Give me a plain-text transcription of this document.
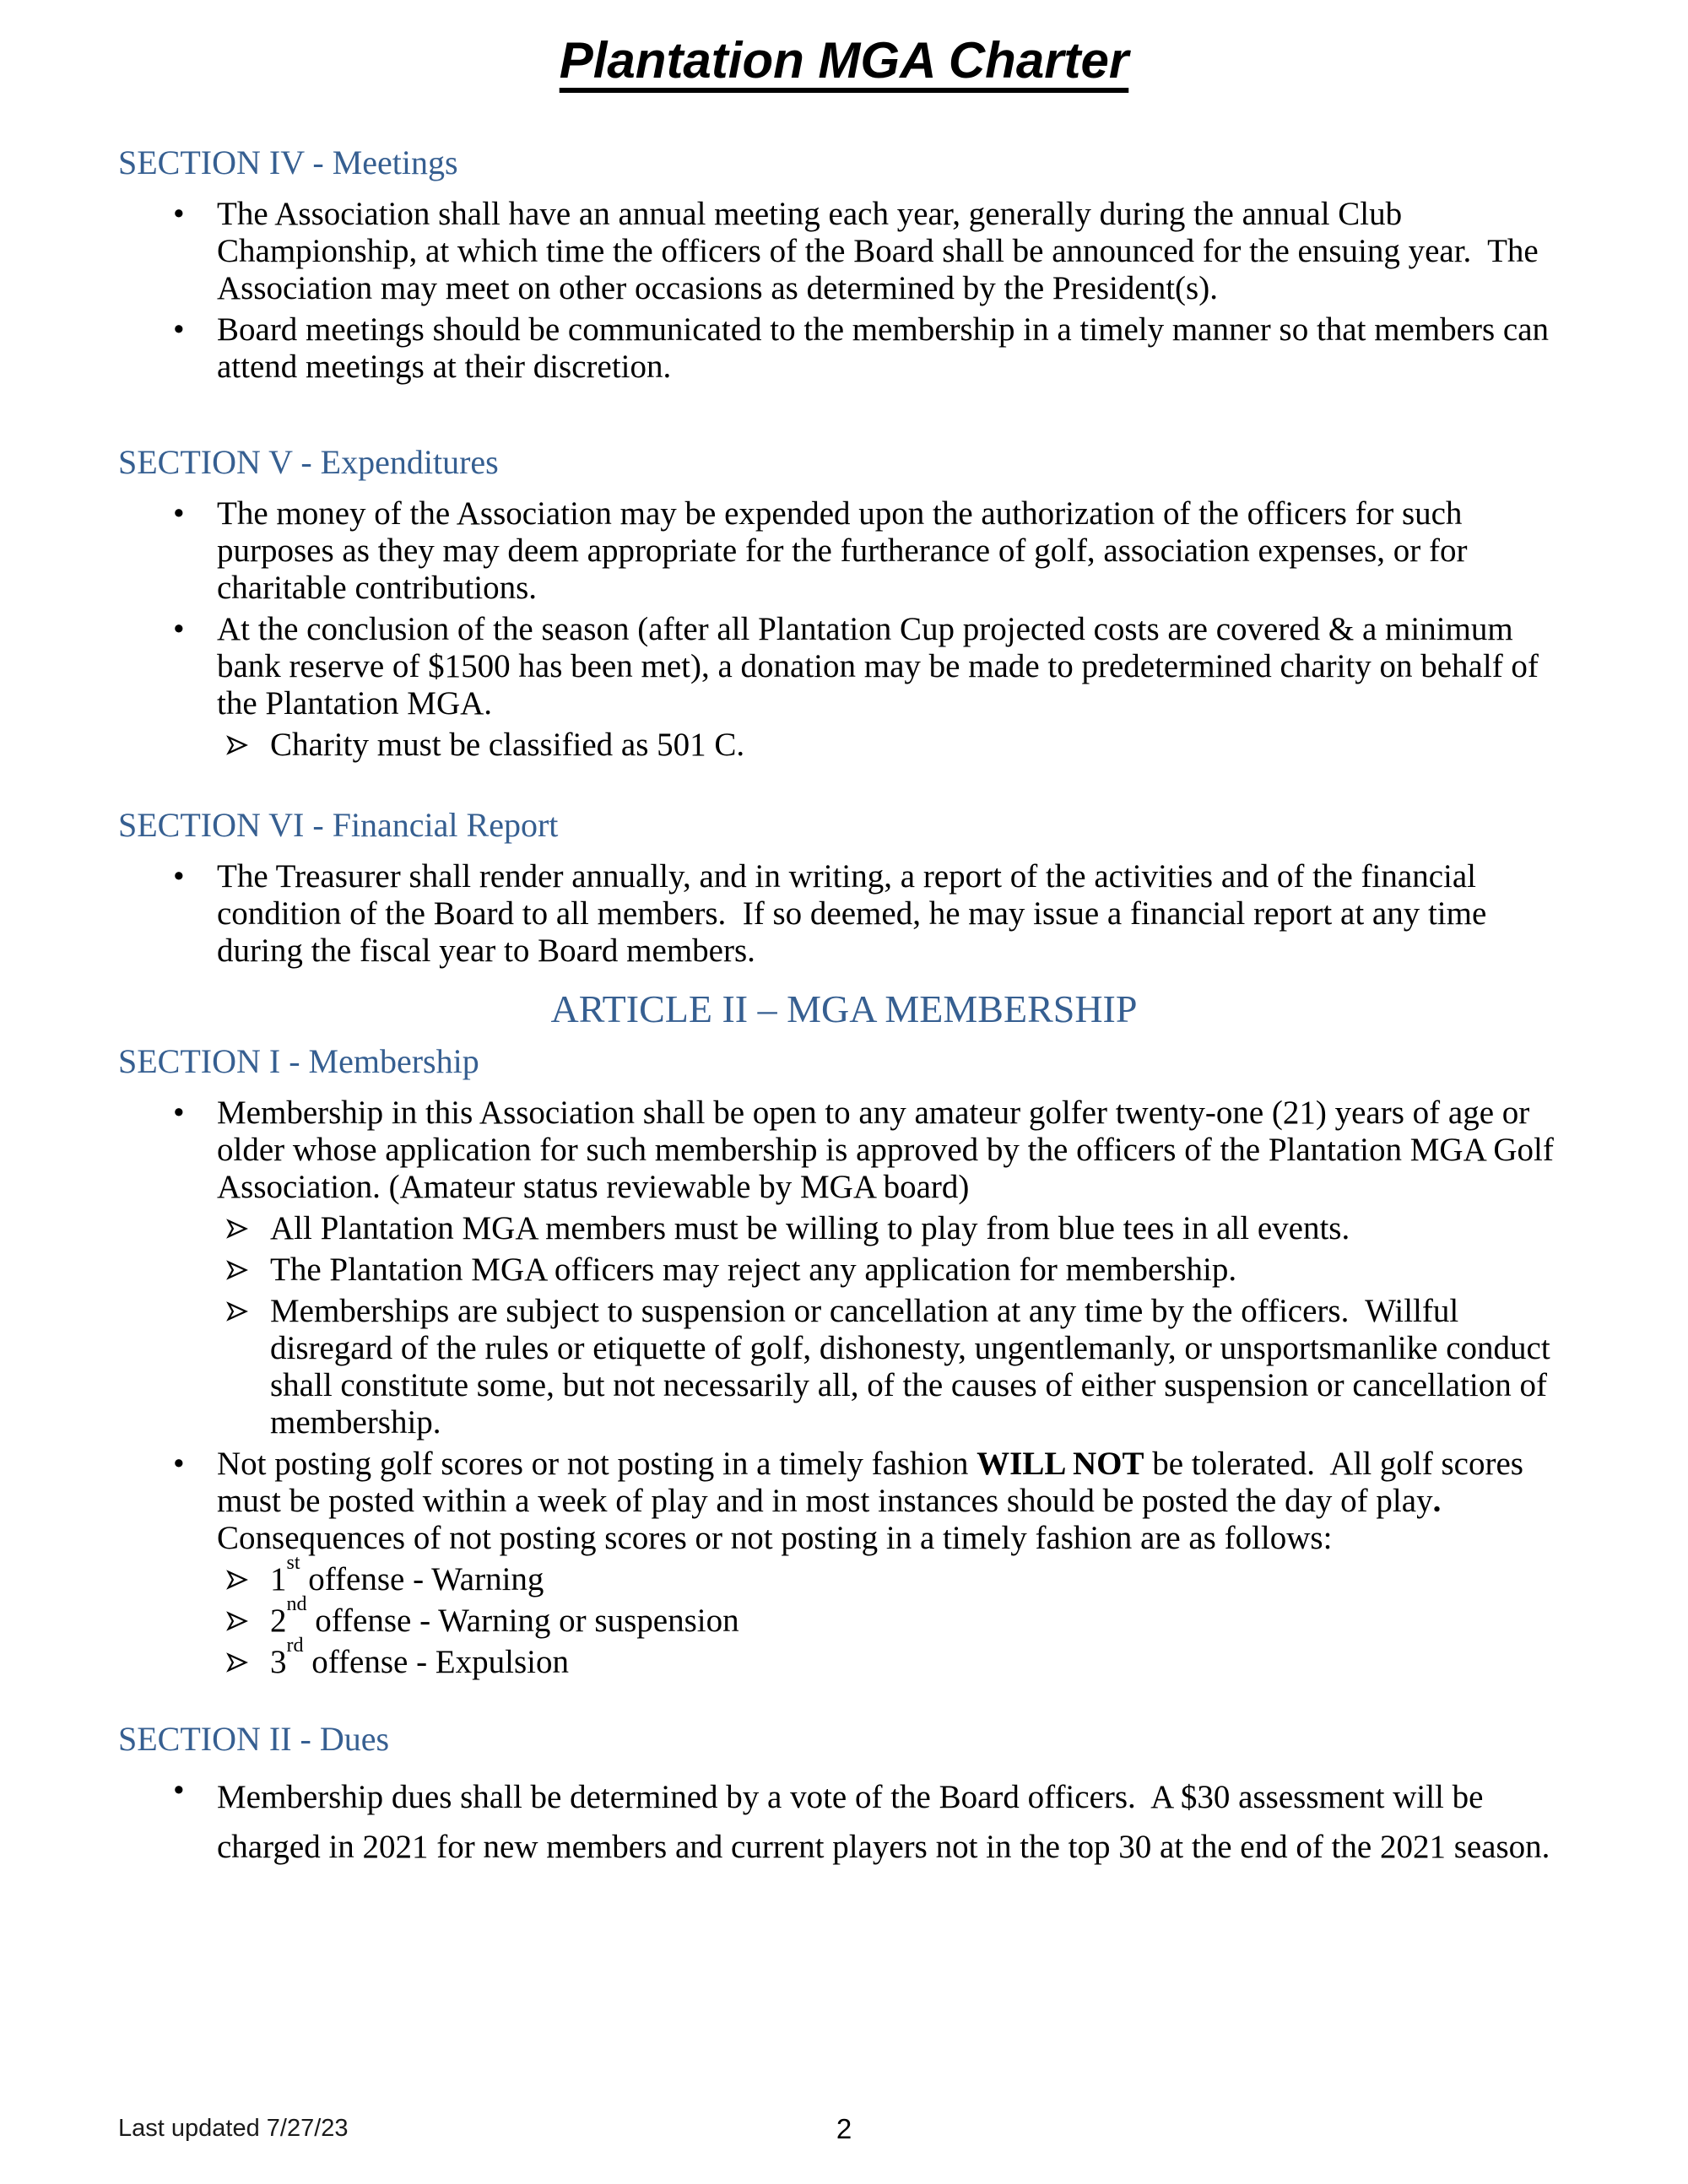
Plantation MGA Charter
SECTION IV - Meetings
• The Association shall have an annual meeting each year, generally during the annual Club Championship, at which time the officers of the Board shall be announced for the ensuing year.  The Association may meet on other occasions as determined by the President(s).
• Board meetings should be communicated to the membership in a timely manner so that members can attend meetings at their discretion.
SECTION V - Expenditures
• The money of the Association may be expended upon the authorization of the officers for such purposes as they may deem appropriate for the furtherance of golf, association expenses, or for charitable contributions.
• At the conclusion of the season (after all Plantation Cup projected costs are covered & a minimum bank reserve of $1500 has been met), a donation may be made to predetermined charity on behalf of the Plantation MGA.
Charity must be classified as 501 C.
SECTION VI - Financial Report
• The Treasurer shall render annually, and in writing, a report of the activities and of the financial condition of the Board to all members.  If so deemed, he may issue a financial report at any time during the fiscal year to Board members.
ARTICLE II – MGA MEMBERSHIP
SECTION I - Membership
• Membership in this Association shall be open to any amateur golfer twenty-one (21) years of age or older whose application for such membership is approved by the officers of the Plantation MGA Golf Association. (Amateur status reviewable by MGA board)
All Plantation MGA members must be willing to play from blue tees in all events.
The Plantation MGA officers may reject any application for membership.
Memberships are subject to suspension or cancellation at any time by the officers.  Willful disregard of the rules or etiquette of golf, dishonesty, ungentlemanly, or unsportsmanlike conduct shall constitute some, but not necessarily all, of the causes of either suspension or cancellation of membership.
• Not posting golf scores or not posting in a timely fashion WILL NOT be tolerated.  All golf scores must be posted within a week of play and in most instances should be posted the day of play.  Consequences of not posting scores or not posting in a timely fashion are as follows:
1st offense - Warning
2nd offense - Warning or suspension
3rd offense - Expulsion
SECTION II - Dues
• Membership dues shall be determined by a vote of the Board officers.  A $30 assessment will be charged in 2021 for new members and current players not in the top 30 at the end of the 2021 season.
Last updated 7/27/23	2
